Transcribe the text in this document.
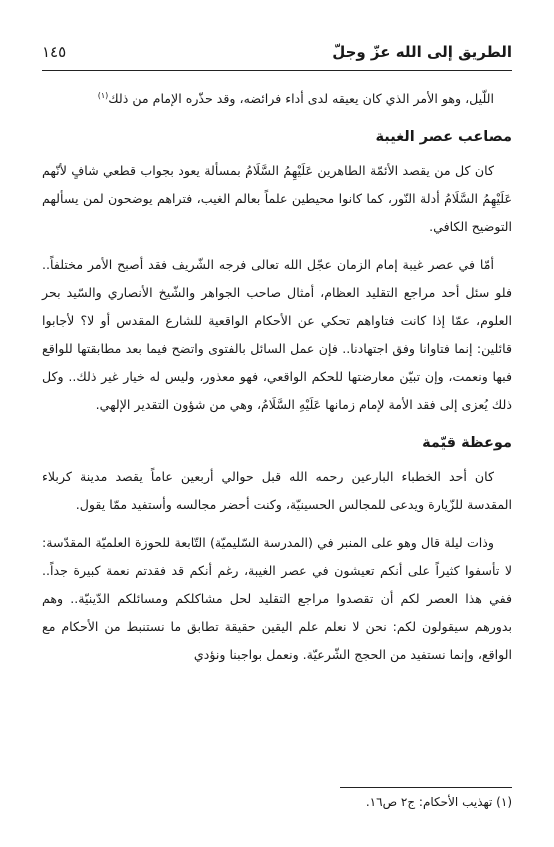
الطريق إلى الله عزّ وجلّ
١٤٥

اللّيل، وهو الأمر الذي كان يعيقه لدى أداء فرائضه، وقد حذّره الإمام من ذلك$^{(١)}$

مصاعب عصر الغيبة

كان كل من يقصد الأئمّة الطاهرين عَلَيْهِمُ السَّلَامُ بمسألة يعود بجواب قطعي شافٍ لأنّهم عَلَيْهِمُ السَّلَامُ أدلة النّور، كما كانوا محيطين علماً بعالم الغيب، فتراهم يوضحون لمن يسألهم التوضيح الكافي.

أمّا في عصر غيبة إمام الزمان عجّل الله تعالى فرجه الشّريف فقد أصبح الأمر مختلفاً.. فلو سئل أحد مراجع التقليد العظام، أمثال صاحب الجواهر والشّيخ الأنصاري والسّيد بحر العلوم، عمّا إذا كانت فتاواهم تحكي عن الأحكام الواقعية للشارع المقدس أو لا؟ لأجابوا قائلين: إنما فتاوانا وفق اجتهادنا.. فإن عمل السائل بالفتوى واتضح فيما بعد مطابقتها للواقع فبها ونعمت، وإن تبيّن معارضتها للحكم الواقعي، فهو معذور، وليس له خيار غير ذلك.. وكل ذلك يُعزى إلى فقد الأمة لإمام زمانها عَلَيْهِ السَّلَامُ، وهي من شؤون التقدير الإلهي.

موعظة قيّمة

كان أحد الخطباء البارعين رحمه الله قبل حوالي أربعين عاماً يقصد مدينة كربلاء المقدسة للزّيارة ويدعى للمجالس الحسينيّة، وكنت أحضر مجالسه وأستفيد ممّا يقول.

وذات ليلة قال وهو على المنبر في (المدرسة السّليميّة) التّابعة للحوزة العلميّة المقدّسة: لا تأسفوا كثيراً على أنكم تعيشون في عصر الغيبة، رغم أنكم قد فقدتم نعمة كبيرة جداً.. ففي هذا العصر لكم أن تقصدوا مراجع التقليد لحل مشاكلكم ومسائلكم الدّينيّة.. وهم بدورهم سيقولون لكم: نحن لا نعلم علم اليقين حقيقة تطابق ما نستنبط من الأحكام مع الواقع، وإنما نستفيد من الحجج الشّرعيّة. ونعمل بواجبنا ونؤدي

(١) تهذيب الأحكام: ج٢ ص١٦.
